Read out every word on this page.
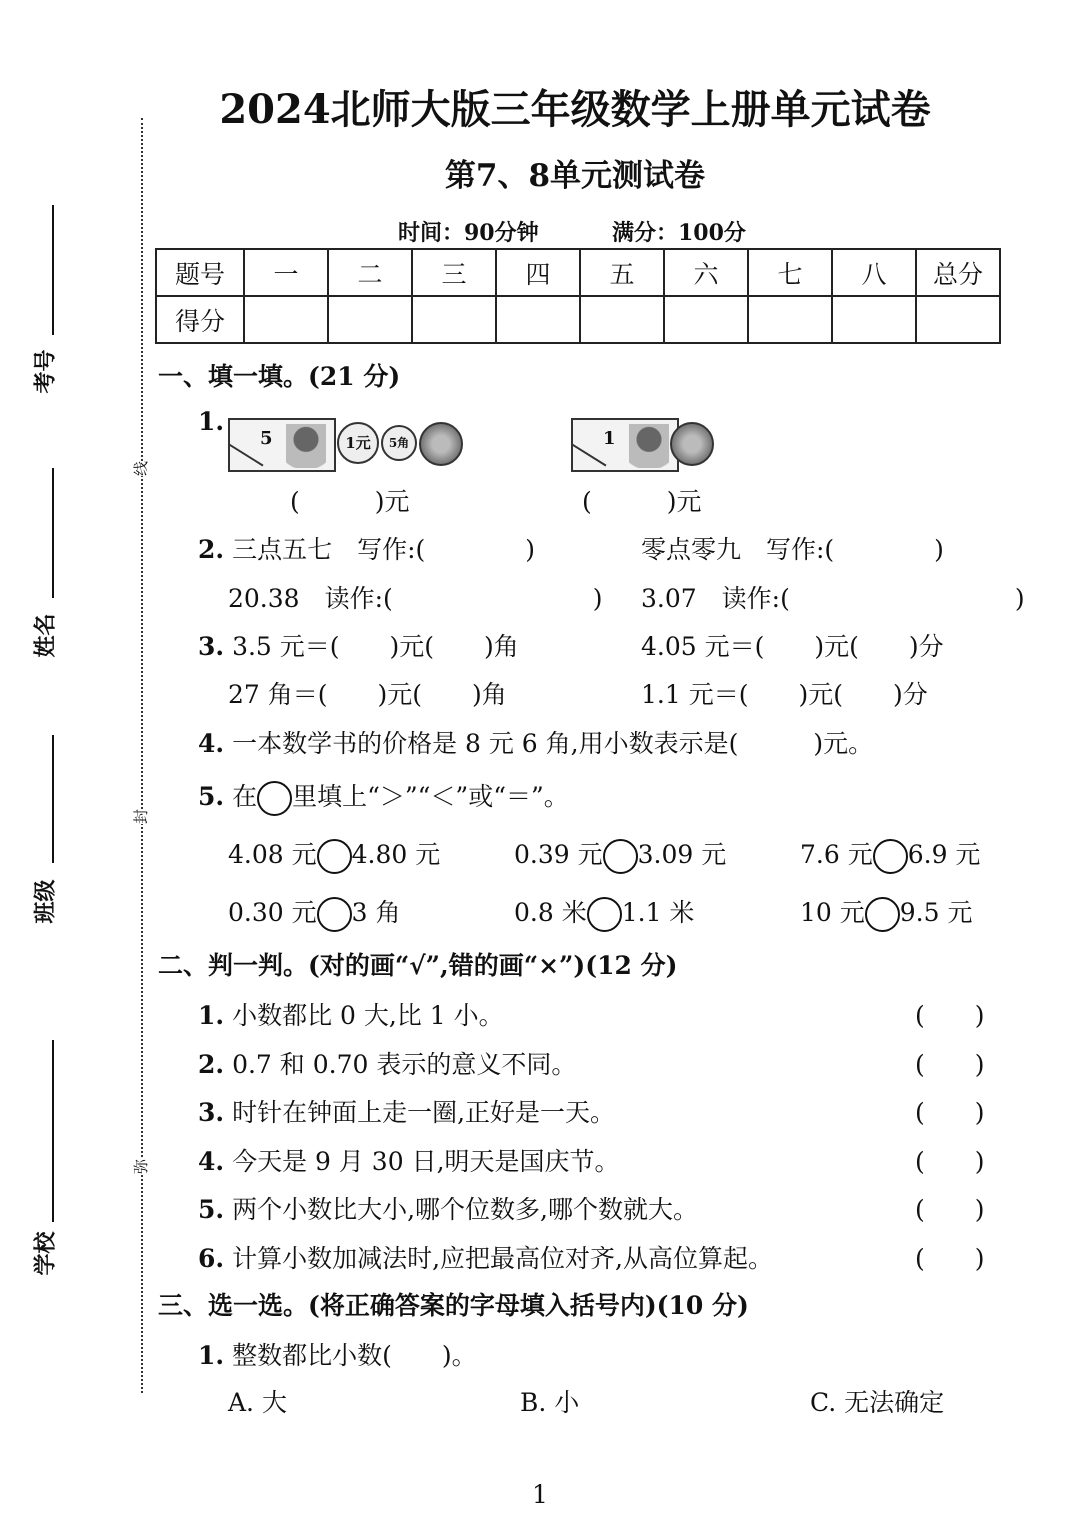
线
封
弥
考号
姓名
班级
学校
2024北师大版三年级数学上册单元试卷
第7、8单元测试卷
时间：90分钟	满分：100分
题号	一	二	三	四	五	六	七	八	总分
得分									
一、填一填。(21 分)
1.
5	1元	5角	1
(　　　)元	(　　　)元
2. 三点五七　写作:(　　　　)	零点零九　写作:(　　　　)
20.38　读作:(　　　　　　　　) 3.07　读作:(　　　　　　　　　)
3. 3.5 元＝(　　)元(　　)角	4.05 元＝(　　)元(　　)分
27 角＝(　　)元(　　)角	1.1 元＝(　　)元(　　)分
4. 一本数学书的价格是 8 元 6 角,用小数表示是(　　　)元。
5. 在 里填上“＞”“＜”或“＝”。
4.08 元 4.80 元	0.39 元 3.09 元	7.6 元 6.9 元
0.30 元 3 角	0.8 米 1.1 米	10 元 9.5 元
二、判一判。(对的画“√”,错的画“×”)(12 分)
1. 小数都比 0 大,比 1 小。	(　　)
2. 0.7 和 0.70 表示的意义不同。	(　　)
3. 时针在钟面上走一圈,正好是一天。	(　　)
4. 今天是 9 月 30 日,明天是国庆节。	(　　)
5. 两个小数比大小,哪个位数多,哪个数就大。	(　　)
6. 计算小数加减法时,应把最高位对齐,从高位算起。	(　　)
三、选一选。(将正确答案的字母填入括号内)(10 分)
1. 整数都比小数(　　)。
A. 大	B. 小	C. 无法确定
1
